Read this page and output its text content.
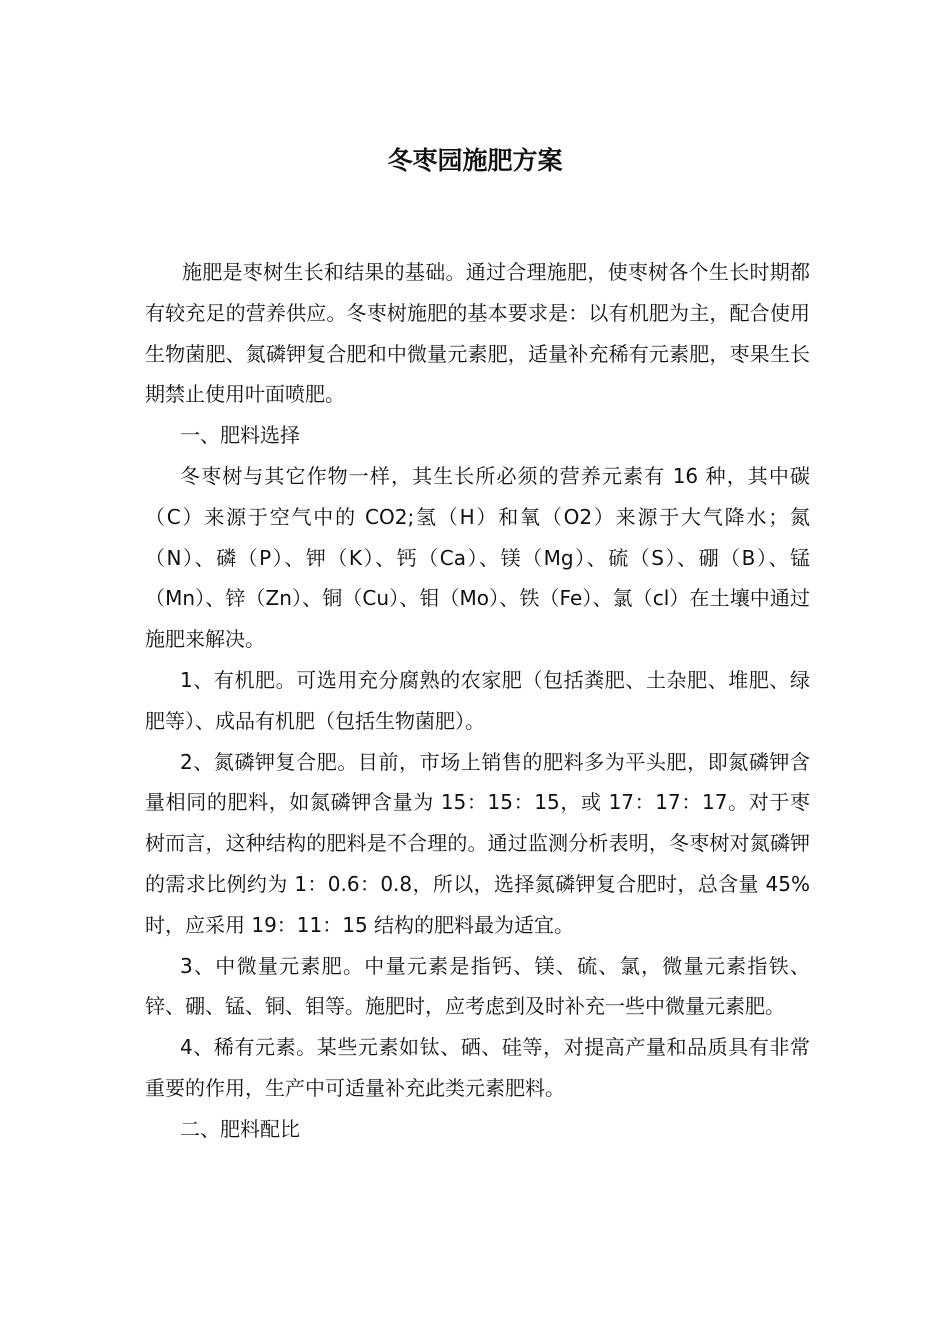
冬枣园施肥方案

施肥是枣树生长和结果的基础。通过合理施肥，使枣树各个生长时期都有较充足的营养供应。冬枣树施肥的基本要求是：以有机肥为主，配合使用生物菌肥、氮磷钾复合肥和中微量元素肥，适量补充稀有元素肥，枣果生长期禁止使用叶面喷肥。

一、肥料选择

冬枣树与其它作物一样，其生长所必须的营养元素有 16 种，其中碳（C）来源于空气中的 CO2;氢（H）和氧（O2）来源于大气降水；氮（N）、磷（P）、钾（K）、钙（Ca）、镁（Mg）、硫（S）、硼（B）、锰（Mn）、锌（Zn）、铜（Cu）、钼（Mo）、铁（Fe）、氯（cl）在土壤中通过施肥来解决。

1、有机肥。可选用充分腐熟的农家肥（包括粪肥、土杂肥、堆肥、绿肥等）、成品有机肥（包括生物菌肥）。

2、氮磷钾复合肥。目前，市场上销售的肥料多为平头肥，即氮磷钾含量相同的肥料，如氮磷钾含量为 15：15：15，或 17：17：17。对于枣树而言，这种结构的肥料是不合理的。通过监测分析表明，冬枣树对氮磷钾的需求比例约为 1：0.6：0.8，所以，选择氮磷钾复合肥时，总含量 45%时，应采用 19：11：15 结构的肥料最为适宜。

3、中微量元素肥。中量元素是指钙、镁、硫、氯，微量元素指铁、锌、硼、锰、铜、钼等。施肥时，应考虑到及时补充一些中微量元素肥。

4、稀有元素。某些元素如钛、硒、硅等，对提高产量和品质具有非常重要的作用，生产中可适量补充此类元素肥料。

二、肥料配比
